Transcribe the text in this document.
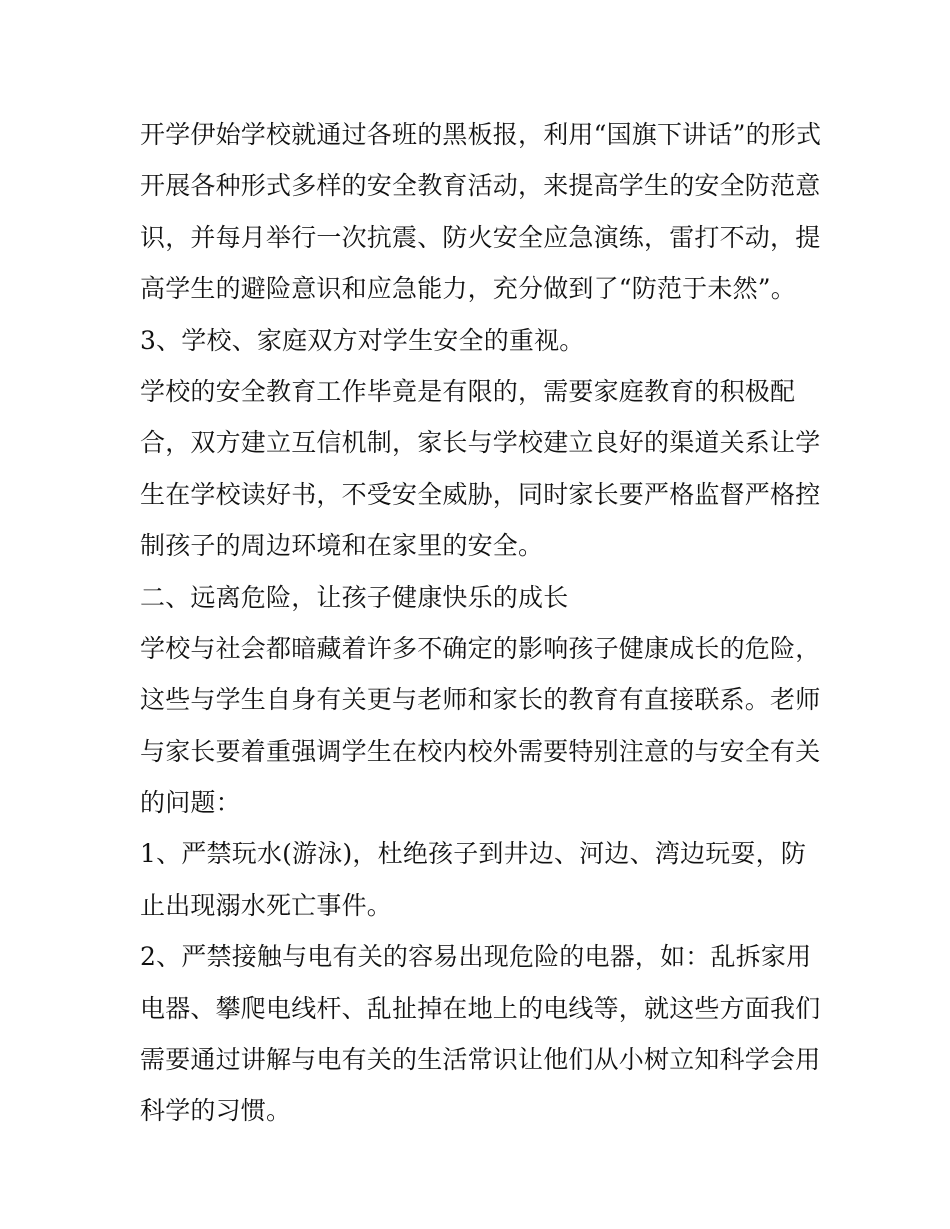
开学伊始学校就通过各班的黑板报，利用“国旗下讲话”的形式
开展各种形式多样的安全教育活动，来提高学生的安全防范意
识，并每月举行一次抗震、防火安全应急演练，雷打不动，提
高学生的避险意识和应急能力，充分做到了“防范于未然”。
3、学校、家庭双方对学生安全的重视。
学校的安全教育工作毕竟是有限的，需要家庭教育的积极配
合，双方建立互信机制，家长与学校建立良好的渠道关系让学
生在学校读好书，不受安全威胁，同时家长要严格监督严格控
制孩子的周边环境和在家里的安全。
二、远离危险，让孩子健康快乐的成长
学校与社会都暗藏着许多不确定的影响孩子健康成长的危险，
这些与学生自身有关更与老师和家长的教育有直接联系。老师
与家长要着重强调学生在校内校外需要特别注意的与安全有关
的问题：
1、严禁玩水(游泳)，杜绝孩子到井边、河边、湾边玩耍，防
止出现溺水死亡事件。
2、严禁接触与电有关的容易出现危险的电器，如：乱拆家用
电器、攀爬电线杆、乱扯掉在地上的电线等，就这些方面我们
需要通过讲解与电有关的生活常识让他们从小树立知科学会用
科学的习惯。
